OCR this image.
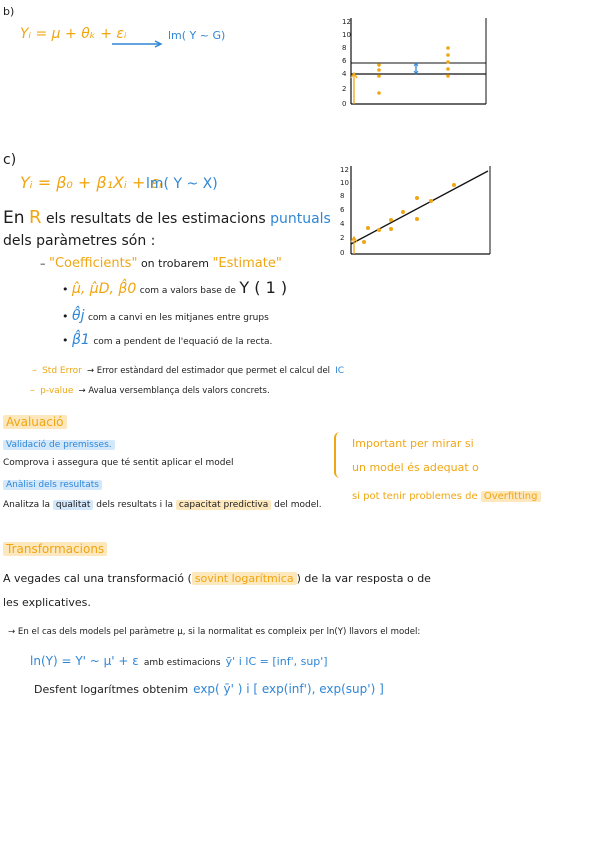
b)
Yᵢ = μ + θₖ + εᵢ	lm( Y ~ G)
12
10
8
6
4
2
0
c)
Yᵢ = β₀ + β₁Xᵢ + εᵢ
lm( Y ~ X)
12
10
8
6
4
2
0
En R els resultats de les estimacions puntuals
dels paràmetres són :
– "Coefficients" on trobarem "Estimate"
• μ̂, μ̂D, β̂0 com a valors base de Y ( 1 )
• θ̂j com a canvi en les mitjanes entre grups
• β̂1 com a pendent de l'equació de la recta.
– Std Error → Error estàndard del estimador que permet el calcul del IC
– p-value → Avalua versemblança dels valors concrets.
Avaluació
Validació de premisses.
Comprova i assegura que té sentit aplicar el model
Anàlisi dels resultats
Analitza la qualitat dels resultats i la capacitat predictiva del model.
Important per mirar si
un model és adequat o
si pot tenir problemes de Overfitting
Transformacions
A vegades cal una transformació ( sovint logarítmica ) de la var resposta o de
les explicatives.
→ En el cas dels models pel paràmetre μ, si la normalitat es compleix per ln(Y) llavors el model:
ln(Y) = Y' ~ μ' + ε amb estimacions ȳ' i IC = [inf', sup']
Desfent logarítmes obtenim exp( ȳ' ) i [ exp(inf'), exp(sup') ]
